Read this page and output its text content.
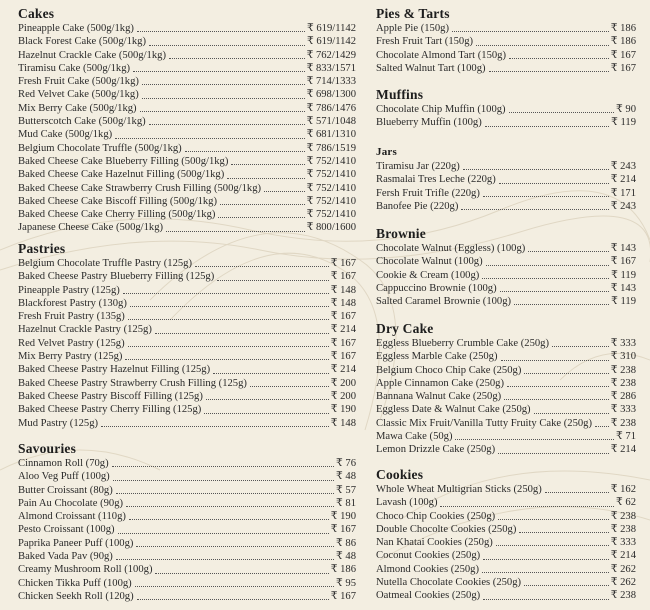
Cakes
Pineapple Cake (500g/1kg)	₹ 619/1142
Black Forest Cake (500g/1kg)	₹ 619/1142
Hazelnut Crackle Cake (500g/1kg)	₹ 762/1429
Tiramisu Cake (500g/1kg)	₹ 833/1571
Fresh Fruit Cake (500g/1kg)	₹ 714/1333
Red Velvet Cake (500g/1kg)	₹ 698/1300
Mix Berry Cake (500g/1kg)	₹ 786/1476
Butterscotch Cake (500g/1kg)	₹ 571/1048
Mud Cake (500g/1kg)	₹ 681/1310
Belgium Chocolate Truffle (500g/1kg)	₹ 786/1519
Baked Cheese Cake Blueberry Filling (500g/1kg)	₹ 752/1410
Baked Cheese Cake Hazelnut Filling (500g/1kg)	₹ 752/1410
Baked Cheese Cake Strawberry Crush Filling (500g/1kg)	₹ 752/1410
Baked Cheese Cake Biscoff Filling (500g/1kg)	₹ 752/1410
Baked Cheese Cake Cherry Filling (500g/1kg)	₹ 752/1410
Japanese Cheese Cake (500g/1kg)	₹ 800/1600
Pastries
Belgium Chocolate Truffle Pastry (125g)	₹ 167
Baked Cheese Pastry Blueberry Filling (125g)	₹ 167
Pineapple Pastry (125g)	₹ 148
Blackforest Pastry (130g)	₹ 148
Fresh Fruit Pastry (135g)	₹ 167
Hazelnut Crackle Pastry (125g)	₹ 214
Red Velvet Pastry (125g)	₹ 167
Mix Berry Pastry (125g)	₹ 167
Baked Cheese Pastry Hazelnut Filling (125g)	₹ 214
Baked Cheese Pastry Strawberry Crush Filling (125g)	₹ 200
Baked Cheese Pastry Biscoff Filling (125g)	₹ 200
Baked Cheese Pastry Cherry Filling (125g)	₹ 190
Mud Pastry (125g)	₹ 148
Savouries
Cinnamon Roll (70g)	₹ 76
Aloo Veg Puff (100g)	₹ 48
Butter Croissant (80g)	₹ 57
Pain Au Chocolate (90g)	₹ 81
Almond Croissant (110g)	₹ 190
Pesto Croissant (100g)	₹ 167
Paprika Paneer Puff (100g)	₹ 86
Baked Vada Pav (90g)	₹ 48
Creamy Mushroom Roll (100g)	₹ 186
Chicken Tikka Puff (100g)	₹ 95
Chicken Seekh Roll (120g)	₹ 167
Pies & Tarts
Apple Pie (150g)	₹ 186
Fresh Fruit Tart (150g)	₹ 186
Chocolate Almond Tart (150g)	₹ 167
Salted Walnut Tart (100g)	₹ 167
Muffins
Chocolate Chip Muffin (100g)	₹ 90
Blueberry Muffin (100g)	₹ 119
Jars
Tiramisu Jar (220g)	₹ 243
Rasmalai Tres Leche (220g)	₹ 214
Fersh Fruit Trifle (220g)	₹ 171
Banofee Pie (220g)	₹ 243
Brownie
Chocolate Walnut (Eggless) (100g)	₹ 143
Chocolate Walnut (100g)	₹ 167
Cookie & Cream (100g)	₹ 119
Cappuccino Brownie (100g)	₹ 143
Salted Caramel Brownie (100g)	₹ 119
Dry Cake
Eggless Blueberry Crumble Cake (250g)	₹ 333
Eggless Marble Cake (250g)	₹ 310
Belgium Choco Chip Cake (250g)	₹ 238
Apple Cinnamon Cake (250g)	₹ 238
Bannana Walnut Cake (250g)	₹ 286
Eggless Date & Walnut Cake (250g)	₹ 333
Classic Mix Fruit/Vanilla Tutty Fruity Cake (250g) ₹ 238
Mawa Cake (50g)	₹ 71
Lemon Drizzle Cake (250g)	₹ 214
Cookies
Whole Wheat Multigrian Sticks (250g)	₹ 162
Lavash (100g)	₹ 62
Choco Chip Cookies (250g)	₹ 238
Double Chocolte Cookies (250g)	₹ 238
Nan Khatai Cookies (250g)	₹ 333
Coconut Cookies (250g)	₹ 214
Almond Cookies (250g)	₹ 262
Nutella Chocolate Cookies (250g)	₹ 262
Oatmeal Cookies (250g)	₹ 238
